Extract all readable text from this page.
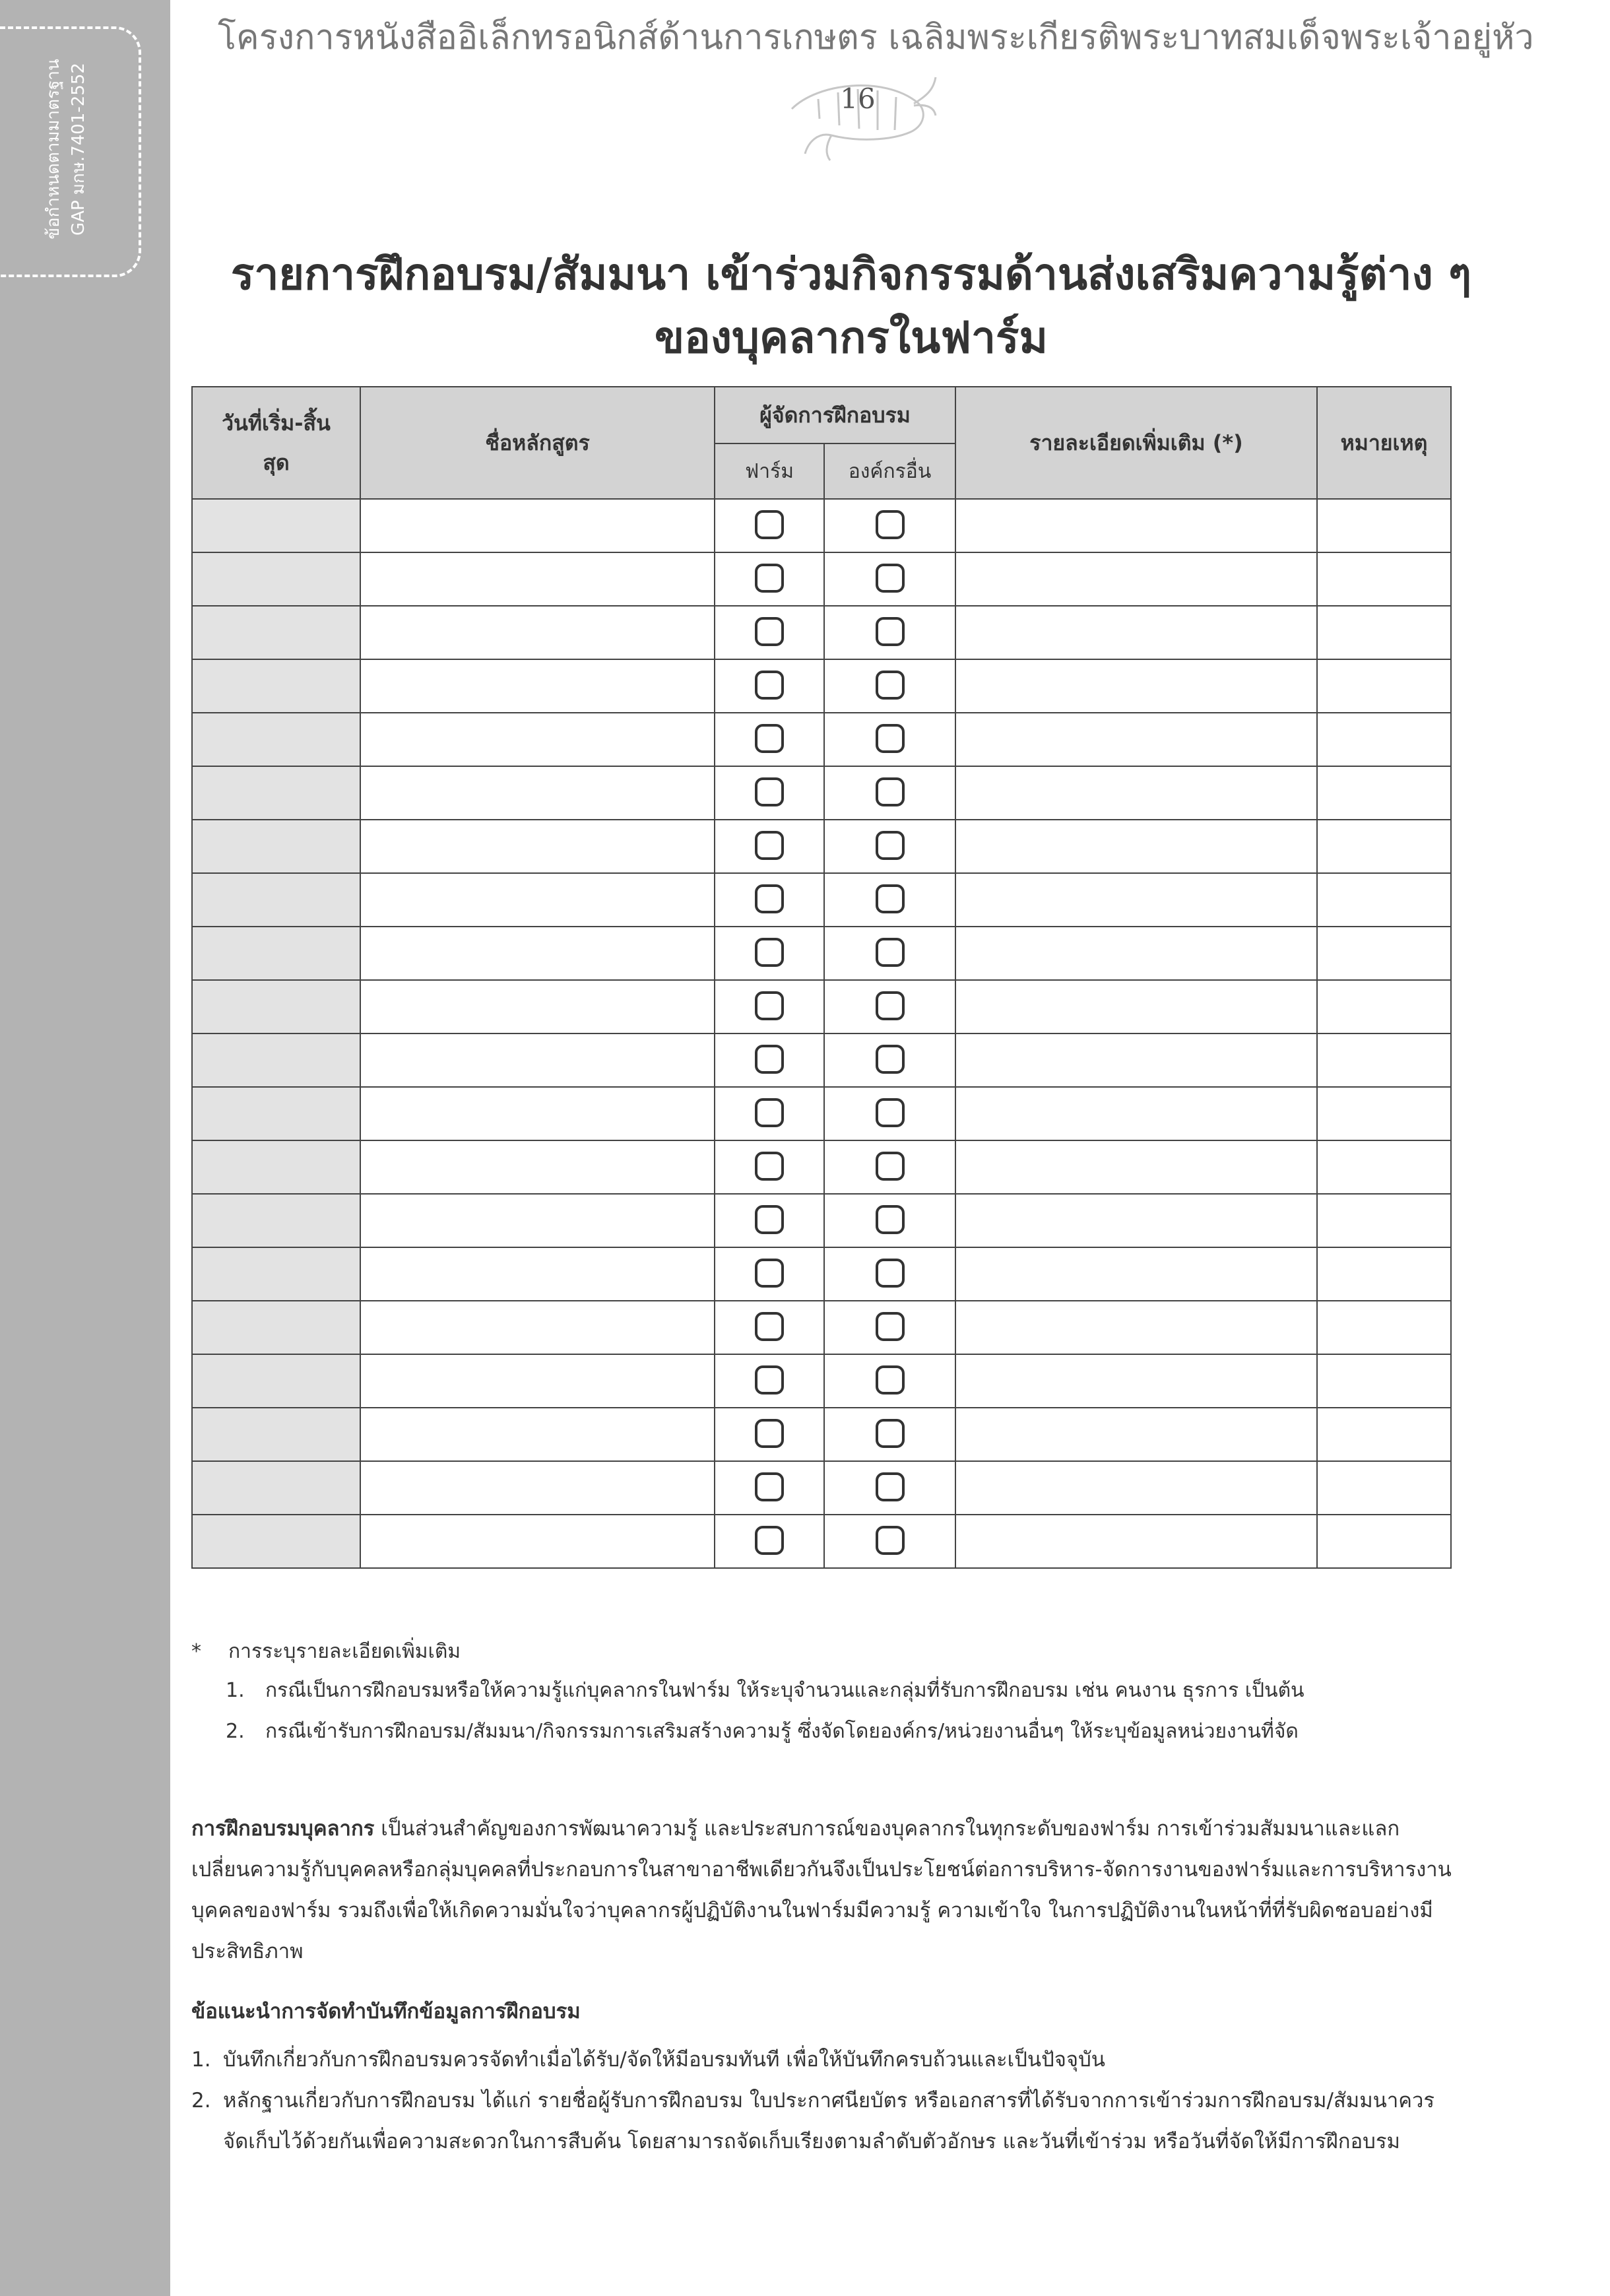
ข้อกำหนดตามมาตรฐาน GAP มกษ.7401-2552
โครงการหนังสืออิเล็กทรอนิกส์ด้านการเกษตร เฉลิมพระเกียรติพระบาทสมเด็จพระเจ้าอยู่หัว
16
รายการฝึกอบรม/สัมมนา เข้าร่วมกิจกรรมด้านส่งเสริมความรู้ต่าง ๆ
ของบุคลากรในฟาร์ม
วันที่เริ่ม-สิ้นสุด	ชื่อหลักสูตร	ผู้จัดการฝึกอบรม		รายละเอียดเพิ่มเติม (*)	หมายเหตุ
		ฟาร์ม	องค์กรอื่น		

* การระบุรายละเอียดเพิ่มเติม
1. กรณีเป็นการฝึกอบรมหรือให้ความรู้แก่บุคลากรในฟาร์ม ให้ระบุจำนวนและกลุ่มที่รับการฝึกอบรม เช่น คนงาน ธุรการ เป็นต้น
2. กรณีเข้ารับการฝึกอบรม/สัมมนา/กิจกรรมการเสริมสร้างความรู้ ซึ่งจัดโดยองค์กร/หน่วยงานอื่นๆ ให้ระบุข้อมูลหน่วยงานที่จัด
การฝึกอบรมบุคลากร เป็นส่วนสำคัญของการพัฒนาความรู้ และประสบการณ์ของบุคลากรในทุกระดับของฟาร์ม การเข้าร่วมสัมมนาและแลกเปลี่ยนความรู้กับบุคคลหรือกลุ่มบุคคลที่ประกอบการในสาขาอาชีพเดียวกันจึงเป็นประโยชน์ต่อการบริหาร-จัดการงานของฟาร์มและการบริหารงานบุคคลของฟาร์ม รวมถึงเพื่อให้เกิดความมั่นใจว่าบุคลากรผู้ปฏิบัติงานในฟาร์มมีความรู้ ความเข้าใจ ในการปฏิบัติงานในหน้าที่ที่รับผิดชอบอย่างมีประสิทธิภาพ
ข้อแนะนำการจัดทำบันทึกข้อมูลการฝึกอบรม
1. บันทึกเกี่ยวกับการฝึกอบรมควรจัดทำเมื่อได้รับ/จัดให้มีอบรมทันที เพื่อให้บันทึกครบถ้วนและเป็นปัจจุบัน
2. หลักฐานเกี่ยวกับการฝึกอบรม ได้แก่ รายชื่อผู้รับการฝึกอบรม ใบประกาศนียบัตร หรือเอกสารที่ได้รับจากการเข้าร่วมการฝึกอบรม/สัมมนาควรจัดเก็บไว้ด้วยกันเพื่อความสะดวกในการสืบค้น โดยสามารถจัดเก็บเรียงตามลำดับตัวอักษร และวันที่เข้าร่วม หรือวันที่จัดให้มีการฝึกอบรม
